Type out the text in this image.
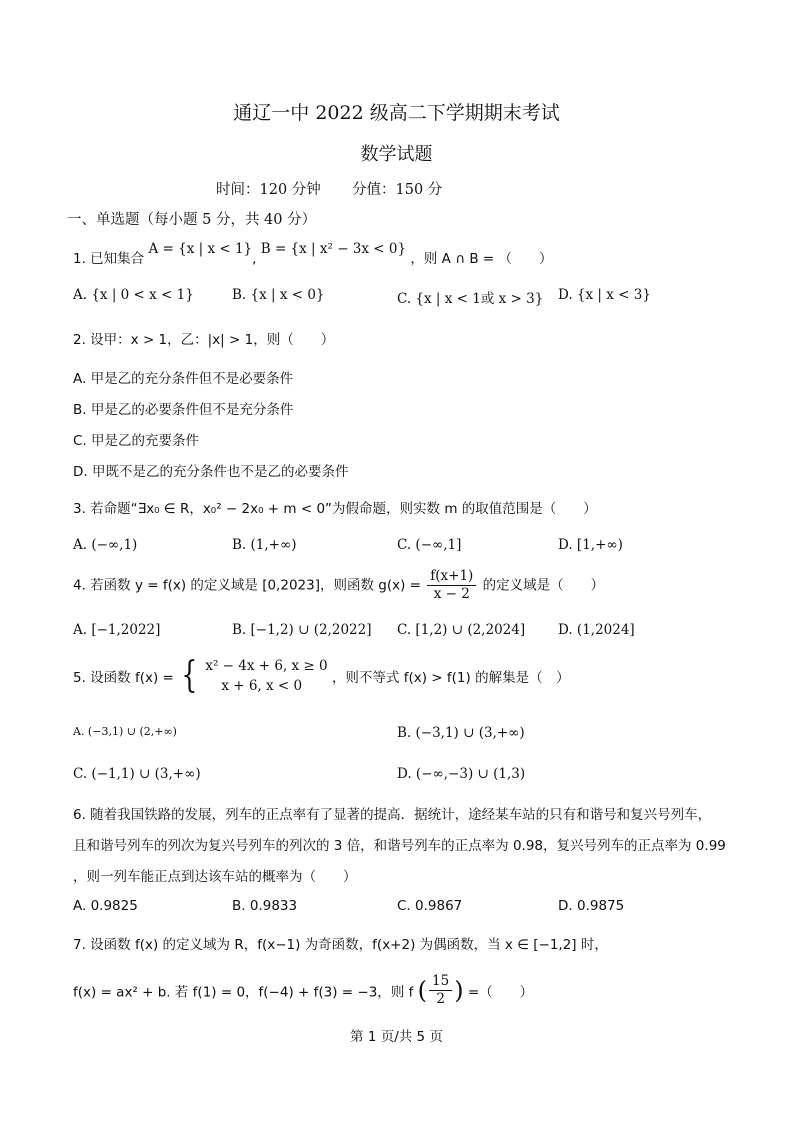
通辽一中 2022 级高二下学期期末考试
数学试题
时间：120 分钟 分值：150 分
一、单选题（每小题 5 分，共 40 分）
1. 已知集合 A = {x | x < 1}, B = {x | x² − 3x < 0} ，则 A ∩ B = （　　）
A. {x | 0 < x < 1}	B. {x | x < 0}	C. {x | x < 1或 x > 3} D. {x | x < 3}
2. 设甲：x > 1，乙：|x| > 1，则（　　）
A. 甲是乙的充分条件但不是必要条件
B. 甲是乙的必要条件但不是充分条件
C. 甲是乙的充要条件
D. 甲既不是乙的充分条件也不是乙的必要条件
3. 若命题“∃x₀ ∈ R，x₀² − 2x₀ + m < 0”为假命题，则实数 m 的取值范围是（　　）
A. (−∞,1)	B. (1,+∞)	C. (−∞,1]	D. [1,+∞)
4. 若函数 y = f(x) 的定义域是 [0,2023]，则函数 $g(x) = \frac{f(x+1)}{x - 2}$ 的定义域是（　　）
A. [−1,2022]	B. [−1,2) ∪ (2,2022] C. [1,2) ∪ (2,2024] D. (1,2024]
5. 设函数 f(x) = { x² − 4x + 6, x ≥ 0
x + 6, x < 0	，则不等式 f(x) > f(1) 的解集是（　）
A. (−3,1) ∪ (2,+∞)	B. (−3,1) ∪ (3,+∞)
C. (−1,1) ∪ (3,+∞)	D. (−∞,−3) ∪ (1,3)
6. 随着我国铁路的发展，列车的正点率有了显著的提高．据统计，途经某车站的只有和谐号和复兴号列车，
且和谐号列车的列次为复兴号列车的列次的 3 倍，和谐号列车的正点率为 0.98，复兴号列车的正点率为 0.99
，则一列车能正点到达该车站的概率为（　　）
A. 0.9825	B. 0.9833	C. 0.9867	D. 0.9875
7. 设函数 f(x) 的定义域为 R，f(x−1) 为奇函数，f(x+2) 为偶函数，当 x ∈ [−1,2] 时，
f(x) = ax² + b. 若 f(1) = 0，f(−4) + f(3) = −3，则 f ( $\frac{15}{2}$ ) =（　　）
第 1 页/共 5 页
